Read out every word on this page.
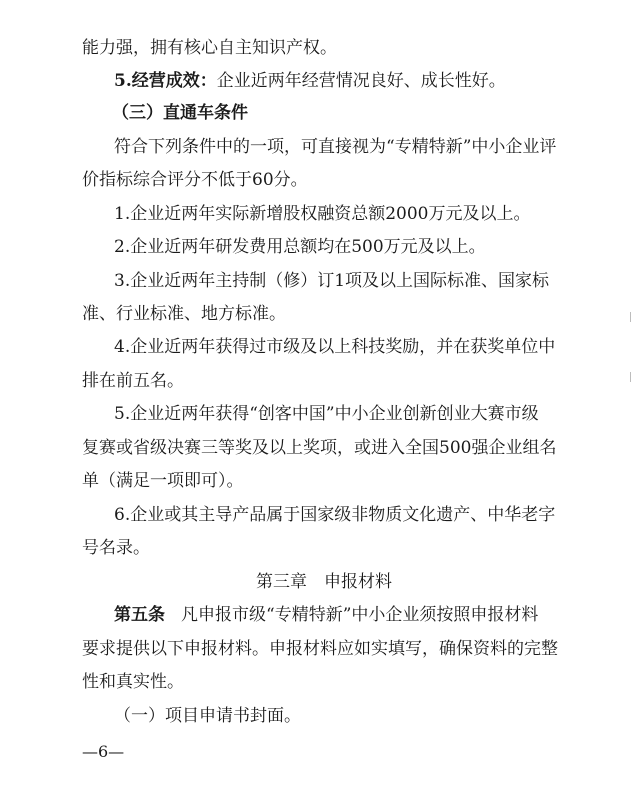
能力强，拥有核心自主知识产权。
5.经营成效：企业近两年经营情况良好、成长性好。
（三）直通车条件
符合下列条件中的一项，可直接视为“专精特新”中小企业评
价指标综合评分不低于60分。
1.企业近两年实际新增股权融资总额2000万元及以上。
2.企业近两年研发费用总额均在500万元及以上。
3.企业近两年主持制（修）订1项及以上国际标准、国家标
准、行业标准、地方标准。
4.企业近两年获得过市级及以上科技奖励，并在获奖单位中
排在前五名。
5.企业近两年获得“创客中国”中小企业创新创业大赛市级
复赛或省级决赛三等奖及以上奖项，或进入全国500强企业组名
单（满足一项即可）。
6.企业或其主导产品属于国家级非物质文化遗产、中华老字
号名录。
第三章　申报材料
第五条 凡申报市级“专精特新”中小企业须按照申报材料
要求提供以下申报材料。申报材料应如实填写，确保资料的完整
性和真实性。
（一）项目申请书封面。
—6—
